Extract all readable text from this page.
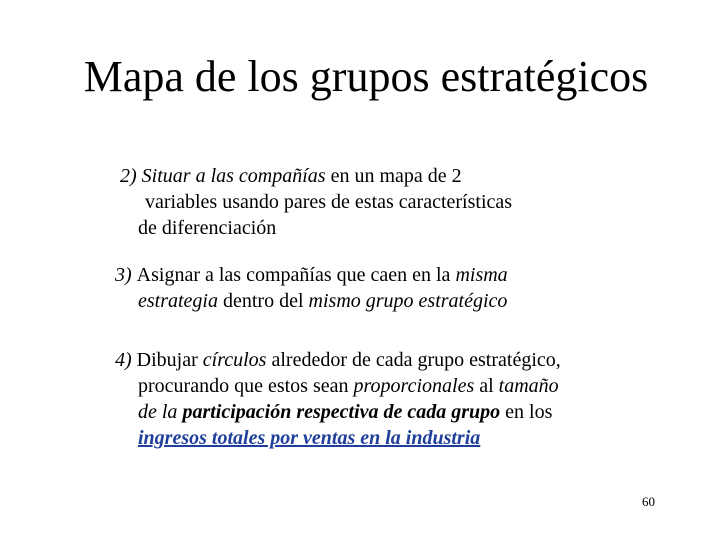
Mapa de los grupos estratégicos
2) Situar a las compañías en un mapa de 2
variables usando pares de estas características
de diferenciación
3) Asignar a las compañías que caen en la misma
estrategia dentro del mismo grupo estratégico
4) Dibujar círculos alrededor de cada grupo estratégico,
procurando que estos sean proporcionales al tamaño
de la participación respectiva de cada grupo en los
ingresos totales por ventas en la industria
60
